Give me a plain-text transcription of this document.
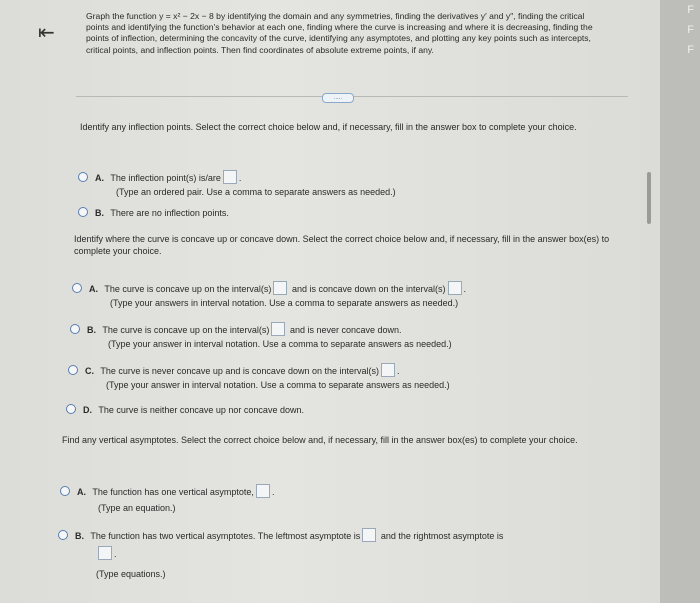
F
F
F
⇤
Graph the function y = x² − 2x − 8 by identifying the domain and any symmetries, finding the derivatives y′ and y″, finding the critical points and identifying the function's behavior at each one, finding where the curve is increasing and where it is decreasing, finding the points of inflection, determining the concavity of the curve, identifying any asymptotes, and plotting any key points such as intercepts, critical points, and inflection points. Then find coordinates of absolute extreme points, if any.
.....
Identify any inflection points. Select the correct choice below and, if necessary, fill in the answer box to complete your choice.
A. The inflection point(s) is/are .
(Type an ordered pair. Use a comma to separate answers as needed.)
B. There are no inflection points.
Identify where the curve is concave up or concave down. Select the correct choice below and, if necessary, fill in the answer box(es) to complete your choice.
A. The curve is concave up on the interval(s) and is concave down on the interval(s) .
(Type your answers in interval notation. Use a comma to separate answers as needed.)
B. The curve is concave up on the interval(s) and is never concave down.
(Type your answer in interval notation. Use a comma to separate answers as needed.)
C. The curve is never concave up and is concave down on the interval(s) .
(Type your answer in interval notation. Use a comma to separate answers as needed.)
D. The curve is neither concave up nor concave down.
Find any vertical asymptotes. Select the correct choice below and, if necessary, fill in the answer box(es) to complete your choice.
A. The function has one vertical asymptote, .
(Type an equation.)
B. The function has two vertical asymptotes. The leftmost asymptote is and the rightmost asymptote is
.
(Type equations.)
